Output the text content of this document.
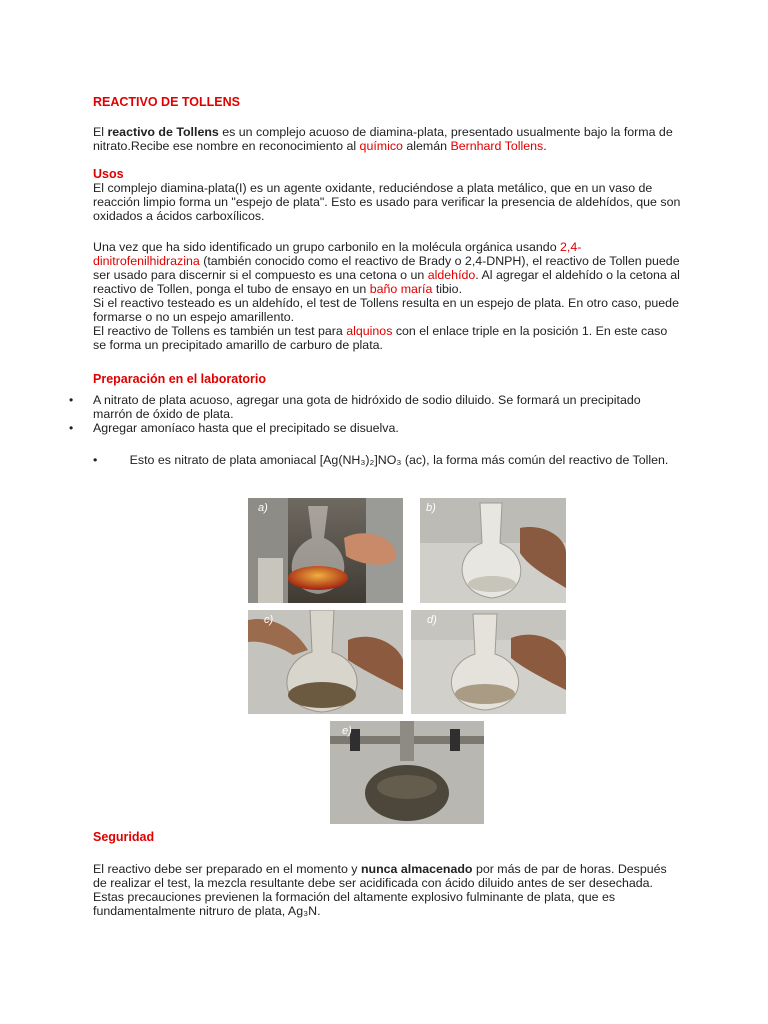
REACTIVO DE TOLLENS
El reactivo de Tollens es un complejo acuoso de diamina-plata, presentado usualmente bajo la forma de nitrato.Recibe ese nombre en reconocimiento al químico alemán Bernhard Tollens.
Usos
El complejo diamina-plata(I) es un agente oxidante, reduciéndose a plata metálico, que en un vaso de reacción limpio forma un "espejo de plata". Esto es usado para verificar la presencia de aldehídos, que son oxidados a ácidos carboxílicos.
Una vez que ha sido identificado un grupo carbonilo en la molécula orgánica usando 2,4-dinitrofenilhidrazina (también conocido como el reactivo de Brady o 2,4-DNPH), el reactivo de Tollen puede ser usado para discernir si el compuesto es una cetona o un aldehído. Al agregar el aldehído o la cetona al reactivo de Tollen, ponga el tubo de ensayo en un baño maría tibio.
Si el reactivo testeado es un aldehído, el test de Tollens resulta en un espejo de plata. En otro caso, puede formarse o no un espejo amarillento.
El reactivo de Tollens es también un test para alquinos con el enlace triple en la posición 1. En este caso se forma un precipitado amarillo de carburo de plata.
Preparación en el laboratorio
• A nitrato de plata acuoso, agregar una gota de hidróxido de sodio diluido. Se formará un precipitado marrón de óxido de plata.
• Agregar amoníaco hasta que el precipitado se disuelva.
•	Esto es nitrato de plata amoniacal [Ag(NH₃)₂]NO₃ (ac), la forma más común del reactivo de Tollen.
a)	b)
c)	d)
e)
Seguridad
El reactivo debe ser preparado en el momento y nunca almacenado por más de par de horas. Después de realizar el test, la mezcla resultante debe ser acidificada con ácido diluido antes de ser desechada. Estas precauciones previenen la formación del altamente explosivo fulminante de plata, que es fundamentalmente nitruro de plata, Ag₃N.
